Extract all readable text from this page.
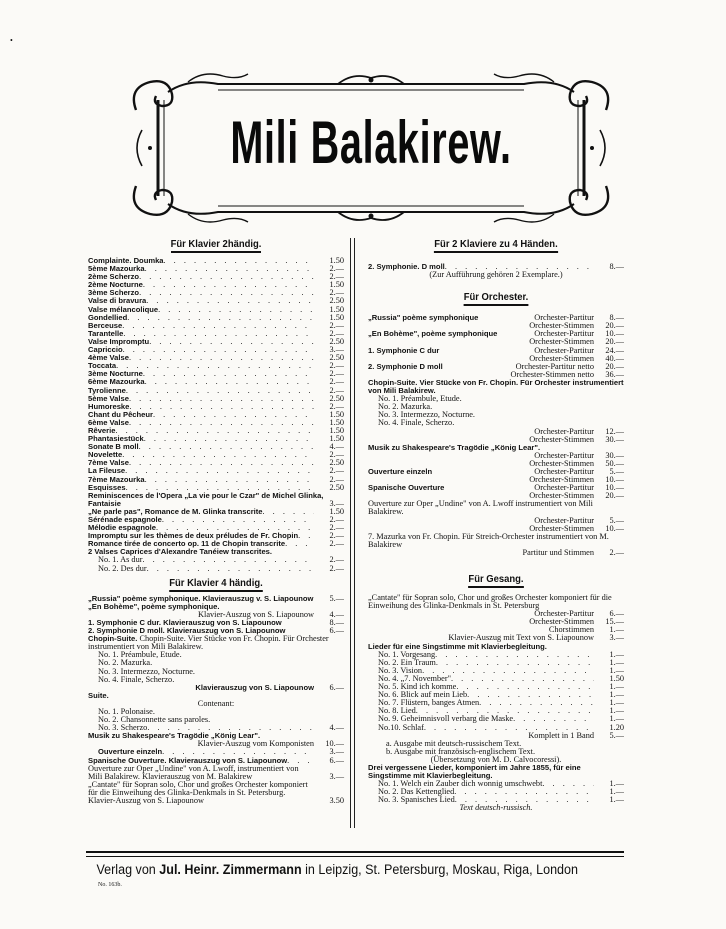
•
Mili Balakirew.
Für Klavier 2händig.
Complainte. Doumka . . .	1.50
5ème Mazourka . . .	2.—
2ème Scherzo . . .	2.—
2ème Nocturne . . .	1.50
3ème Scherzo . . .	2.—
Valse di bravura . . .	2.50
Valse mélancolique . . .	1.50
Gondellied . . .	1.50
Berceuse . . .	2.—
Tarantelle . . .	2.—
Valse Impromptu . . .	2.50
Capriccio . . .	3.—
4ème Valse . . .	2.50
Toccata . . .	2.—
3ème Nocturne . . .	2.—
6ème Mazourka . . .	2.—
Tyrolienne . . .	2.—
5ème Valse . . .	2.50
Humoreske . . .	2.—
Chant du Pêcheur . . .	1.50
6ème Valse . . .	1.50
Rêverie . . .	1.50
Phantasiestück . . .	1.50
Sonate B moll . . .	4.—
Novelette . . .	2.—
7ème Valse . . .	2.50
La Fileuse . . .	2.—
7ème Mazourka . . .	2.—
Esquisses . . .	2.50
Reminiscences de l'Opera „La vie pour le Czar" de Michel Glinka, Fantaisie	3.—
„Ne parle pas", Romance de M. Glinka transcrite . . .	1.50
Sérénade espagnole . . .	2.—
Mélodie espagnole . . .	2.—
Impromptu sur les thèmes de deux préludes de Fr. Chopin . . .	2.—
Romance tirée de concerto op. 11 de Chopin transcrite . . .	2.—
2 Valses Caprices d'Alexandre Tanéiew transcrites.
No. 1. As dur . . .	2.—
No. 2. Des dur . . .	2.—
Für Klavier 4 händig.
„Russia" poème symphonique. Klavierauszug v. S. Liapounow	5.—
„En Bohème", poème symphonique.
Klavier-Auszug von S. Liapounow	4.—
1. Symphonie C dur. Klavierauszug von S. Liapounow	8.—
2. Symphonie D moll. Klavierauszug von S. Liapounow	6.—
Chopin-Suite. Chopin-Suite. Vier Stücke von Fr. Chopin. Für Orchester instrumentiert von Mili Balakirew.
No. 1. Préambule, Etude.
No. 2. Mazurka.
No. 3. Intermezzo, Nocturne.
No. 4. Finale, Scherzo.
Klavierauszug von S. Liapounow	6.—
Suite.
Contenant:
No. 1. Polonaise.
No. 2. Chansonnette sans paroles.
No. 3. Scherzo . . .	4.—
Musik zu Shakespeare's Tragödie „König Lear".
Klavier-Auszug vom Komponisten	10.—
Ouverture einzeln . . .	3.—
Spanische Ouverture. Klavierauszug von S. Liapounow . . .	6.—
Ouverture zur Oper „Undine" von A. Lwoff, instrumentiert von Mili Balakirew. Klavierauszug von M. Balakirew	3.—
„Cantate" für Sopran solo, Chor und großes Orchester komponiert für die Einweihung des Glinka-Denkmals in St. Petersburg. Klavier-Auszug von S. Liapounow	3.50
Für 2 Klaviere zu 4 Händen.
2. Symphonie. D moll . . .	8.—
(Zur Aufführung gehören 2 Exemplare.)
Für Orchester.
„Russia" poème symphonique	Orchester-Partitur	8.—
Orchester-Stimmen	20.—
„En Bohème", poème symphonique	Orchester-Partitur	10.—
Orchester-Stimmen	20.—
1. Symphonie C dur	Orchester-Partitur	24.—
Orchester-Stimmen	40.—
2. Symphonie D moll	Orchester-Partitur netto	20.—
Orchester-Stimmen netto	36.—
Chopin-Suite. Vier Stücke von Fr. Chopin. Für Orchester instrumentiert von Mili Balakirew.
No. 1. Préambule, Etude.
No. 2. Mazurka.
No. 3. Intermezzo, Nocturne.
No. 4. Finale, Scherzo.
Orchester-Partitur	12.—
Orchester-Stimmen	30.—
Musik zu Shakespeare's Tragödie „König Lear".
Orchester-Partitur	30.—
Orchester-Stimmen	50.—
Ouverture einzeln	Orchester-Partitur	5.—
Orchester-Stimmen	10.—
Spanische Ouverture	Orchester-Partitur	10.—
Orchester-Stimmen	20.—
Ouverture zur Oper „Undine" von A. Lwoff instrumentiert von Mili Balakirew.
Orchester-Partitur	5.—
Orchester-Stimmen	10.—
7. Mazurka von Fr. Chopin. Für Streich-Orchester instrumentiert von M. Balakirew
Partitur und Stimmen	2.—
Für Gesang.
„Cantate" für Sopran solo, Chor und großes Orchester komponiert für die Einweihung des Glinka-Denkmals in St. Petersburg
Orchester-Partitur	6.—
Orchester-Stimmen	15.—
Chorstimmen	1.—
Klavier-Auszug mit Text von S. Liapounow	3.—
Lieder für eine Singstimme mit Klavierbegleitung.
No. 1. Vorgesang . . .	1.—
No. 2. Ein Traum . . .	1.—
No. 3. Vision . . .	1.—
No. 4. „7. November" . . .	1.50
No. 5. Kind ich komme . . .	1.—
No. 6. Blick auf mein Lieb . . .	1.—
No. 7. Flüstern, banges Atmen . . .	1.—
No. 8. Lied . . .	1.—
No. 9. Geheimnisvoll verbarg die Maske . . .	1.—
No.10. Schlaf . . .	1.20
Komplett in 1 Band	5.—
a. Ausgabe mit deutsch-russischem Text.
b. Ausgabe mit französisch-englischem Text.
(Übersetzung von M. D. Calvocoressi).
Drei vergessene Lieder, komponiert im Jahre 1855, für eine Singstimme mit Klavierbegleitung.
No. 1. Welch ein Zauber dich wonnig umschwebt . . .	1.—
No. 2. Das Kettenglied . . .	1.—
No. 3. Spanisches Lied . . .	1.—
Text deutsch-russisch.
Verlag von Jul. Heinr. Zimmermann in Leipzig, St. Petersburg, Moskau, Riga, London
No. 163b.
